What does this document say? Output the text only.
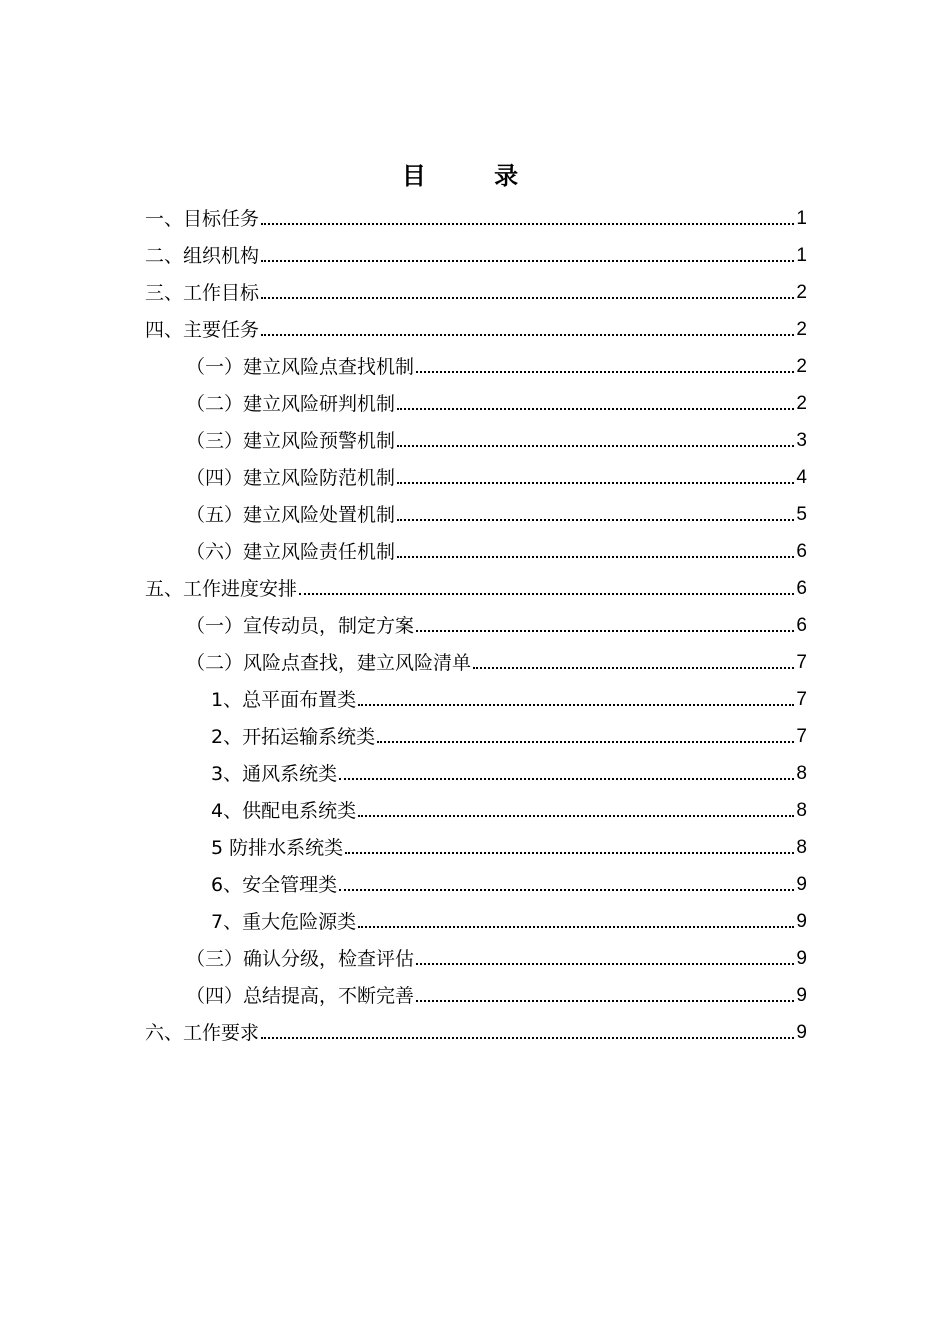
目 录
一、目标任务	1
二、组织机构	1
三、工作目标	2
四、主要任务	2
（一）建立风险点查找机制	2
（二）建立风险研判机制	2
（三）建立风险预警机制	3
（四）建立风险防范机制	4
（五）建立风险处置机制	5
（六）建立风险责任机制	6
五、工作进度安排	6
（一）宣传动员，制定方案	6
（二）风险点查找，建立风险清单	7
1、总平面布置类	7
2、开拓运输系统类	7
3、通风系统类	8
4、供配电系统类	8
5 防排水系统类	8
6、安全管理类	9
7、重大危险源类	9
（三）确认分级，检查评估	9
（四）总结提高，不断完善	9
六、工作要求	9
